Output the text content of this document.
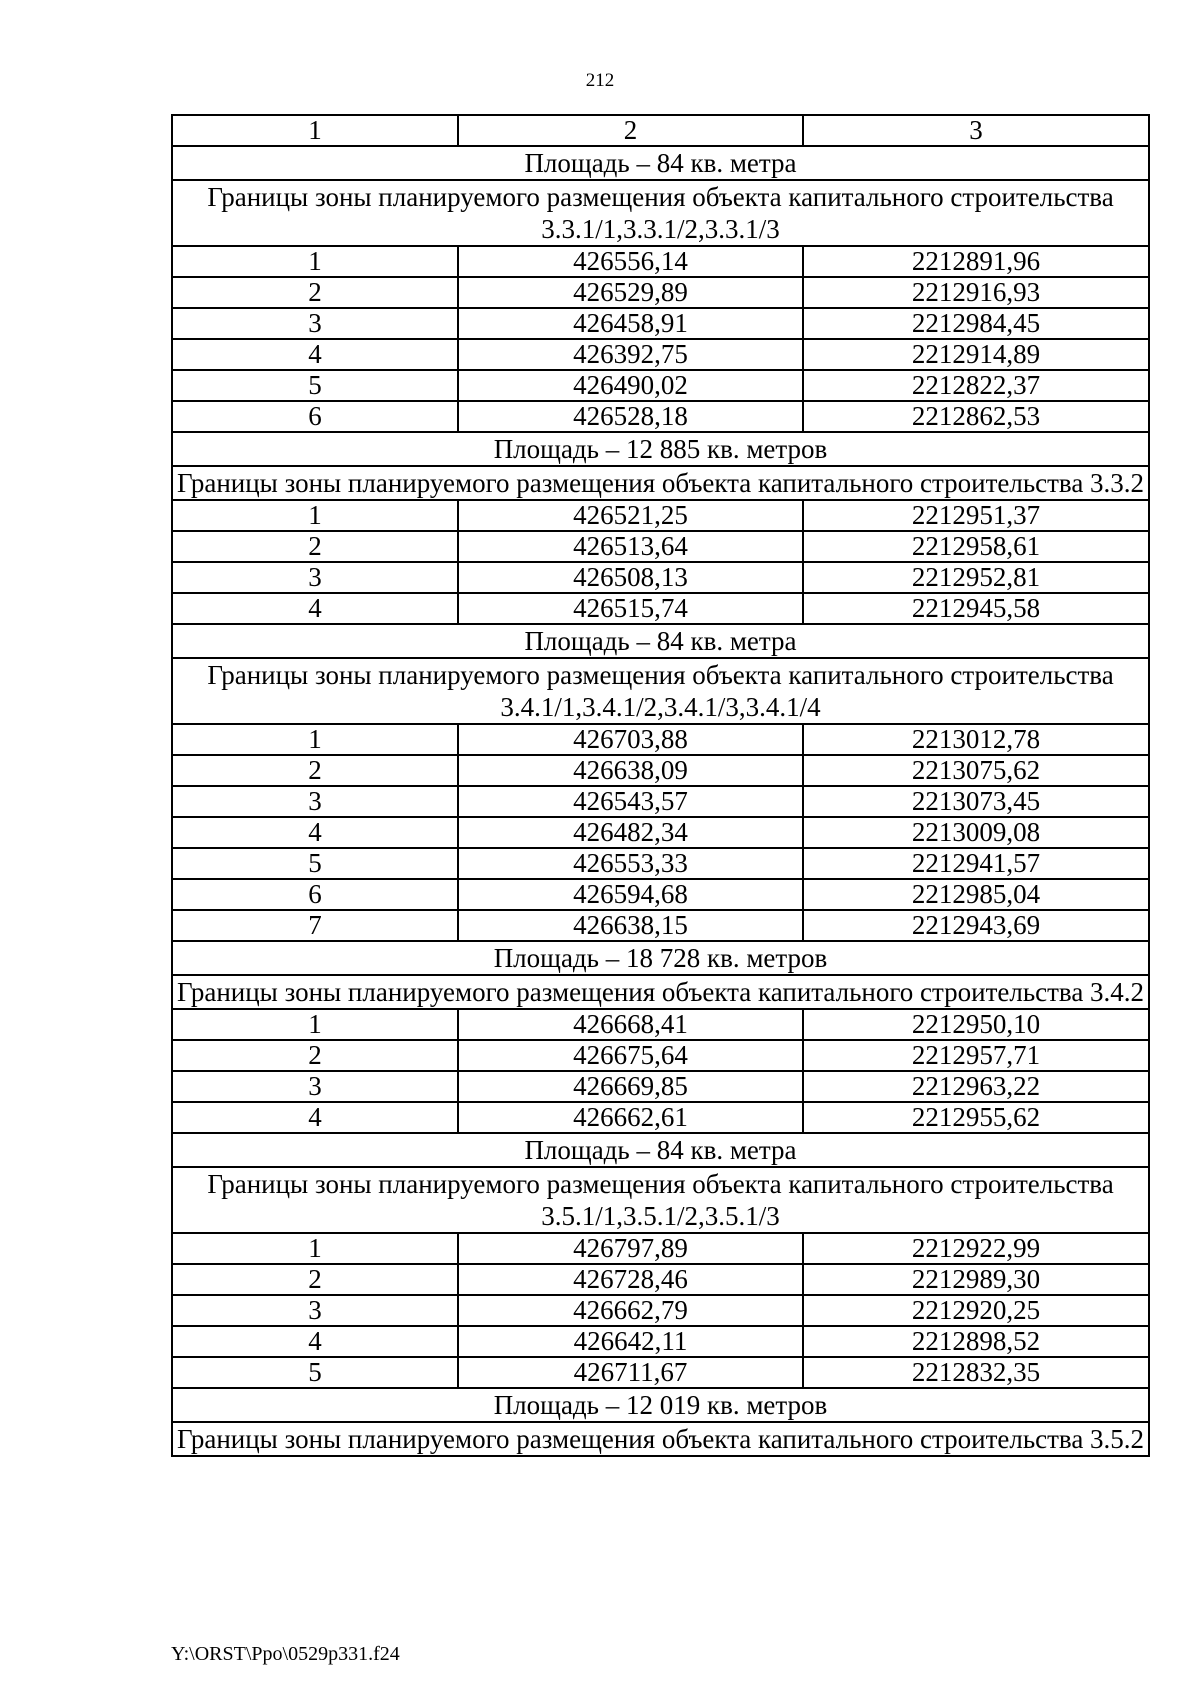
212
1	2	3
Площадь – 84 кв. метра		
Границы зоны планируемого размещения объекта капитального строительства 3.3.1/1,3.3.1/2,3.3.1/3		
1	426556,14	2212891,96
2	426529,89	2212916,93
3	426458,91	2212984,45
4	426392,75	2212914,89
5	426490,02	2212822,37
6	426528,18	2212862,53
Площадь – 12 885 кв. метров		
Границы зоны планируемого размещения объекта капитального строительства 3.3.2		
1	426521,25	2212951,37
2	426513,64	2212958,61
3	426508,13	2212952,81
4	426515,74	2212945,58
Площадь – 84 кв. метра		
Границы зоны планируемого размещения объекта капитального строительства 3.4.1/1,3.4.1/2,3.4.1/3,3.4.1/4		
1	426703,88	2213012,78
2	426638,09	2213075,62
3	426543,57	2213073,45
4	426482,34	2213009,08
5	426553,33	2212941,57
6	426594,68	2212985,04
7	426638,15	2212943,69
Площадь – 18 728 кв. метров		
Границы зоны планируемого размещения объекта капитального строительства 3.4.2		
1	426668,41	2212950,10
2	426675,64	2212957,71
3	426669,85	2212963,22
4	426662,61	2212955,62
Площадь – 84 кв. метра		
Границы зоны планируемого размещения объекта капитального строительства 3.5.1/1,3.5.1/2,3.5.1/3		
1	426797,89	2212922,99
2	426728,46	2212989,30
3	426662,79	2212920,25
4	426642,11	2212898,52
5	426711,67	2212832,35
Площадь – 12 019 кв. метров		
Границы зоны планируемого размещения объекта капитального строительства 3.5.2		
Y:\ORST\Ppo\0529p331.f24
